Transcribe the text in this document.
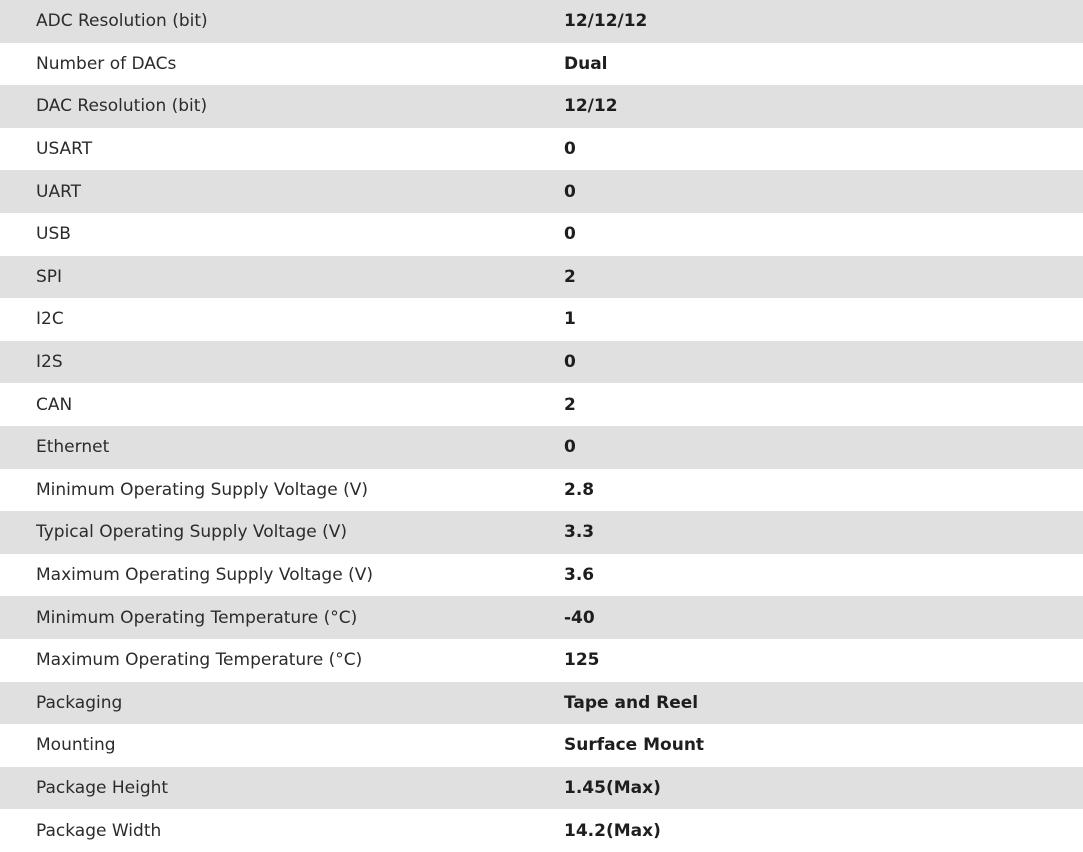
ADC Resolution (bit)	12/12/12
Number of DACs	Dual
DAC Resolution (bit)	12/12
USART	0
UART	0
USB	0
SPI	2
I2C	1
I2S	0
CAN	2
Ethernet	0
Minimum Operating Supply Voltage (V)	2.8
Typical Operating Supply Voltage (V)	3.3
Maximum Operating Supply Voltage (V)	3.6
Minimum Operating Temperature (°C)	-40
Maximum Operating Temperature (°C)	125
Packaging	Tape and Reel
Mounting	Surface Mount
Package Height	1.45(Max)
Package Width	14.2(Max)
